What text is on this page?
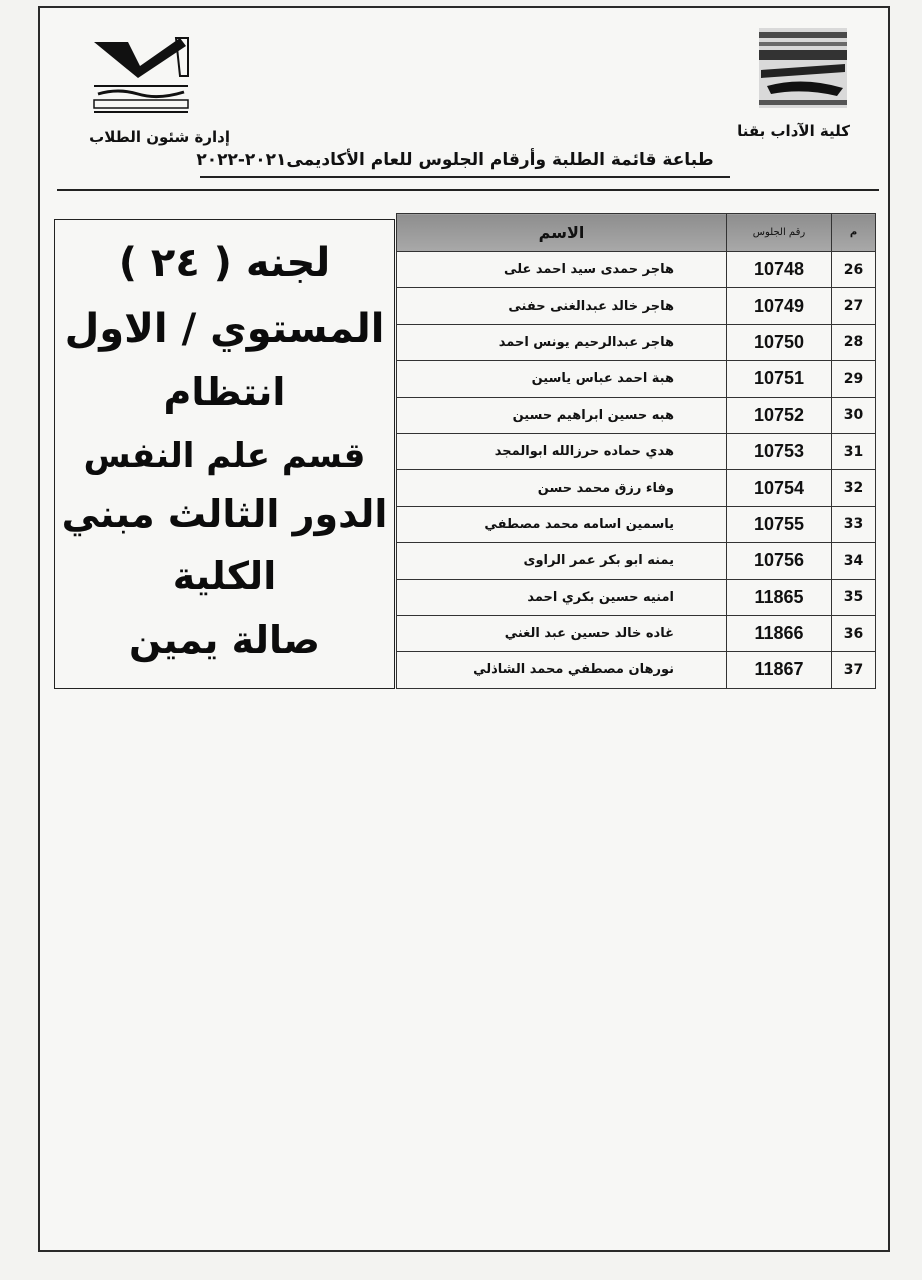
كلية الآداب بقنا
إدارة شئون الطلاب
طباعة قائمة الطلبة وأرقام الجلوس للعام الأكاديمى٢٠٢١-٢٠٢٢
لجنه ( ٢٤ )
المستوي / الاول
انتظام
قسم علم النفس
الدور الثالث مبني
الكلية
صالة يمين
م	رقم الجلوس	الاسم
26	10748	هاجر حمدى سيد احمد على
27	10749	هاجر خالد عبدالغنى حفنى
28	10750	هاجر عبدالرحيم يونس احمد
29	10751	هبة احمد عباس ياسين
30	10752	هبه حسين ابراهيم حسين
31	10753	هدي حماده حرزالله ابوالمجد
32	10754	وفاء رزق محمد حسن
33	10755	ياسمين اسامه محمد مصطفي
34	10756	يمنه ابو بكر عمر الراوى
35	11865	امنيه حسين بكري احمد
36	11866	غاده خالد حسين عبد الغني
37	11867	نورهان مصطفي محمد الشاذلي
